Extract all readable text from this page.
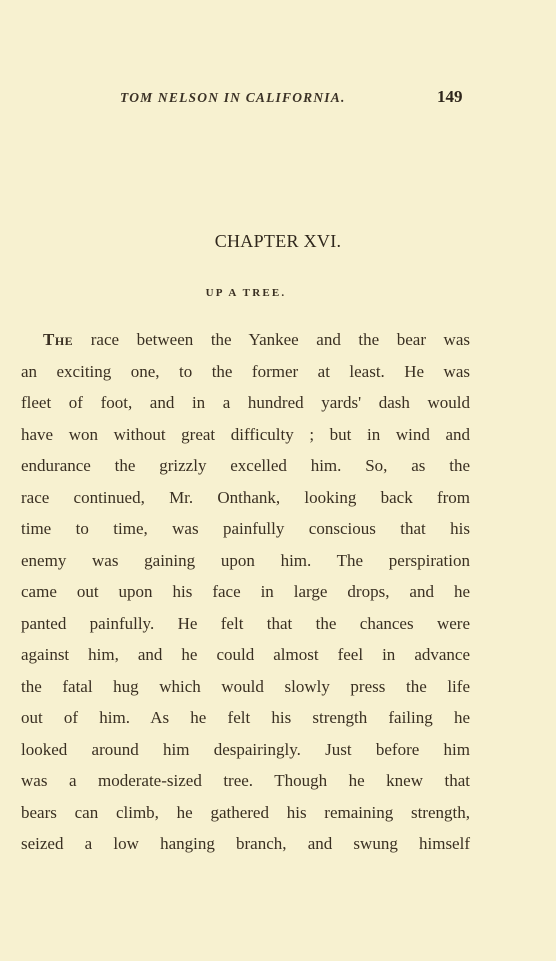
TOM NELSON IN CALIFORNIA.	149
CHAPTER XVI.
UP A TREE.
The race between the Yankee and the bear was
an exciting one, to the former at least. He was
fleet of foot, and in a hundred yards' dash would
have won without great difficulty ; but in wind and
endurance the grizzly excelled him. So, as the
race continued, Mr. Onthank, looking back from
time to time, was painfully conscious that his
enemy was gaining upon him. The perspiration
came out upon his face in large drops, and he
panted painfully. He felt that the chances were
against him, and he could almost feel in advance
the fatal hug which would slowly press the life
out of him. As he felt his strength failing he
looked around him despairingly. Just before him
was a moderate-sized tree. Though he knew that
bears can climb, he gathered his remaining strength,
seized a low hanging branch, and swung himself
